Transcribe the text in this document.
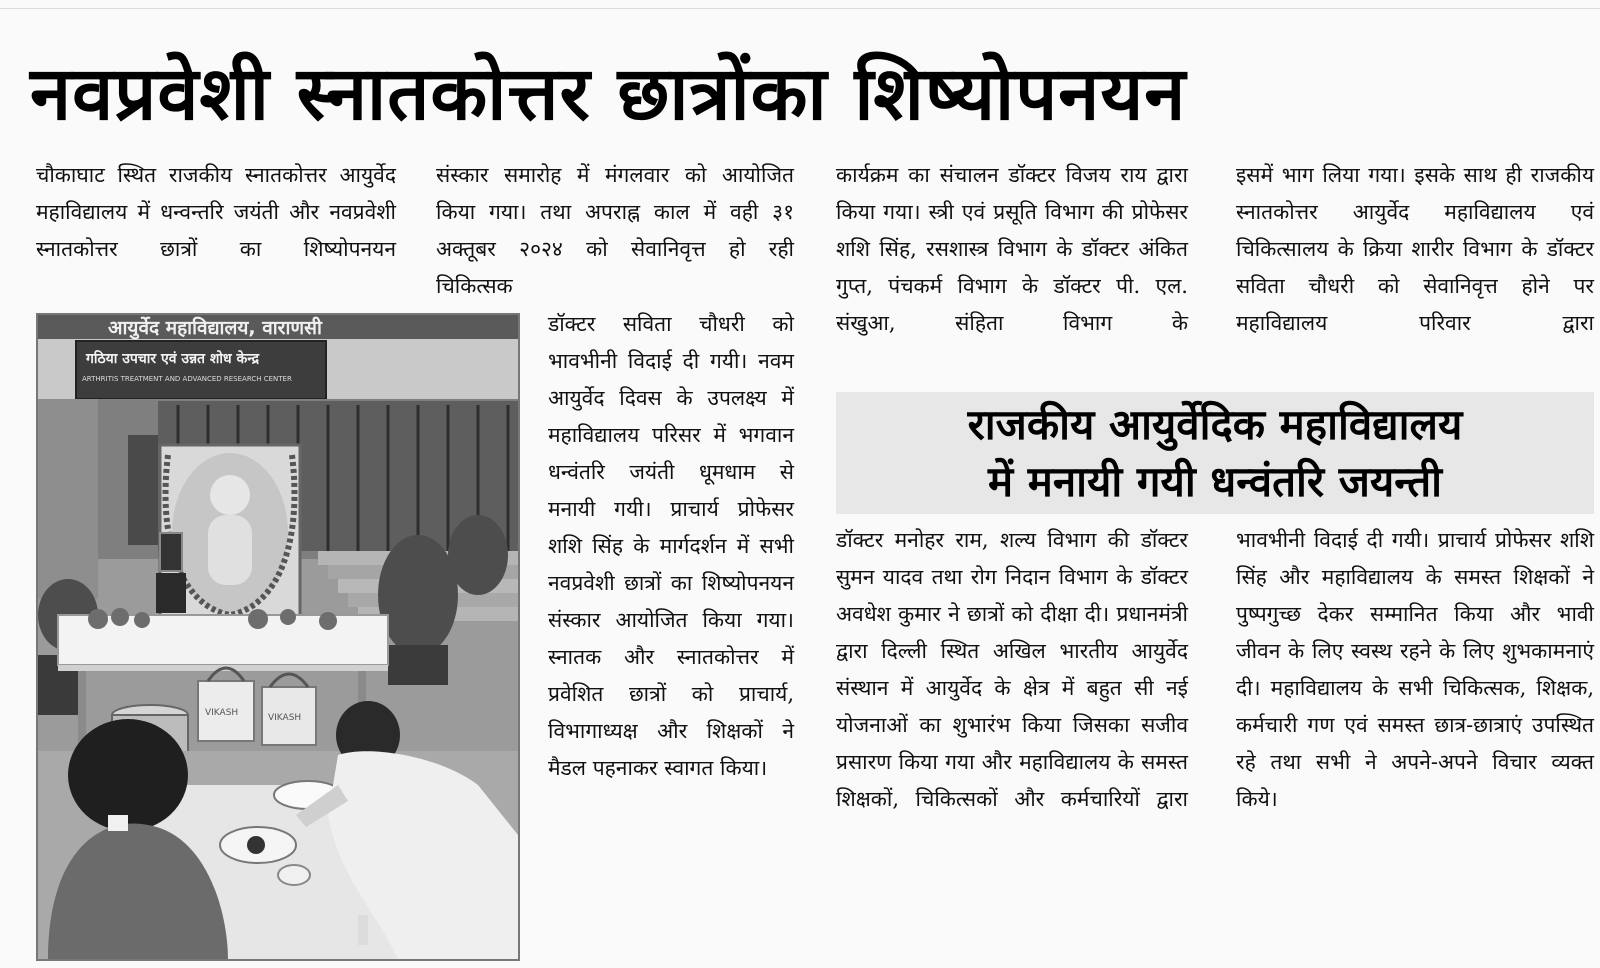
नवप्रवेशी स्नातकोत्तर छात्रोंका शिष्योपनयन

चौकाघाट स्थित राजकीय स्नातकोत्तर आयुर्वेद महाविद्यालय में धन्वन्तरि जयंती और नवप्रवेशी स्नातकोत्तर छात्रों का शिष्योपनयन

संस्कार समारोह में मंगलवार को आयोजित किया गया। तथा अपराह्न काल में वही ३१ अक्तूबर २०२४ को सेवानिवृत्त हो रही चिकित्सक

डॉक्टर सविता चौधरी को भावभीनी विदाई दी गयी। नवम आयुर्वेद दिवस के उपलक्ष्य में महाविद्यालय परिसर में भगवान धन्वंतरि जयंती धूमधाम से मनायी गयी। प्राचार्य प्रोफेसर शशि सिंह के मार्गदर्शन में सभी नवप्रवेशी छात्रों का शिष्योपनयन संस्कार आयोजित किया गया। स्नातक और स्नातकोत्तर में प्रवेशित छात्रों को प्राचार्य, विभागाध्यक्ष और शिक्षकों ने मैडल पहनाकर स्वागत किया।

कार्यक्रम का संचालन डॉक्टर विजय राय द्वारा किया गया। स्त्री एवं प्रसूति विभाग की प्रोफेसर शशि सिंह, रसशास्त्र विभाग के डॉक्टर अंकित गुप्त, पंचकर्म विभाग के डॉक्टर पी. एल. संखुआ, संहिता विभाग के

इसमें भाग लिया गया। इसके साथ ही राजकीय स्नातकोत्तर आयुर्वेद महाविद्यालय एवं चिकित्सालय के क्रिया शारीर विभाग के डॉक्टर सविता चौधरी को सेवानिवृत्त होने पर महाविद्यालय परिवार द्वारा

राजकीय आयुर्वेदिक महाविद्यालय
में मनायी गयी धन्वंतरि जयन्ती

डॉक्टर मनोहर राम, शल्य विभाग की डॉक्टर सुमन यादव तथा रोग निदान विभाग के डॉक्टर अवधेश कुमार ने छात्रों को दीक्षा दी। प्रधानमंत्री द्वारा दिल्ली स्थित अखिल भारतीय आयुर्वेद संस्थान में आयुर्वेद के क्षेत्र में बहुत सी नई योजनाओं का शुभारंभ किया जिसका सजीव प्रसारण किया गया और महाविद्यालय के समस्त शिक्षकों, चिकित्सकों और कर्मचारियों द्वारा

भावभीनी विदाई दी गयी। प्राचार्य प्रोफेसर शशि सिंह और महाविद्यालय के समस्त शिक्षकों ने पुष्पगुच्छ देकर सम्मानित किया और भावी जीवन के लिए स्वस्थ रहने के लिए शुभकामनाएं दी। महाविद्यालय के सभी चिकित्सक, शिक्षक, कर्मचारी गण एवं समस्त छात्र-छात्राएं उपस्थित रहे तथा सभी ने अपने-अपने विचार व्यक्त किये।

आयुर्वेद महाविद्यालय, वाराणसी
गठिया उपचार एवं उन्नत शोध केन्द्र
ARTHRITIS TREATMENT AND ADVANCED RESEARCH CENTER
VIKASH	VIKASH
